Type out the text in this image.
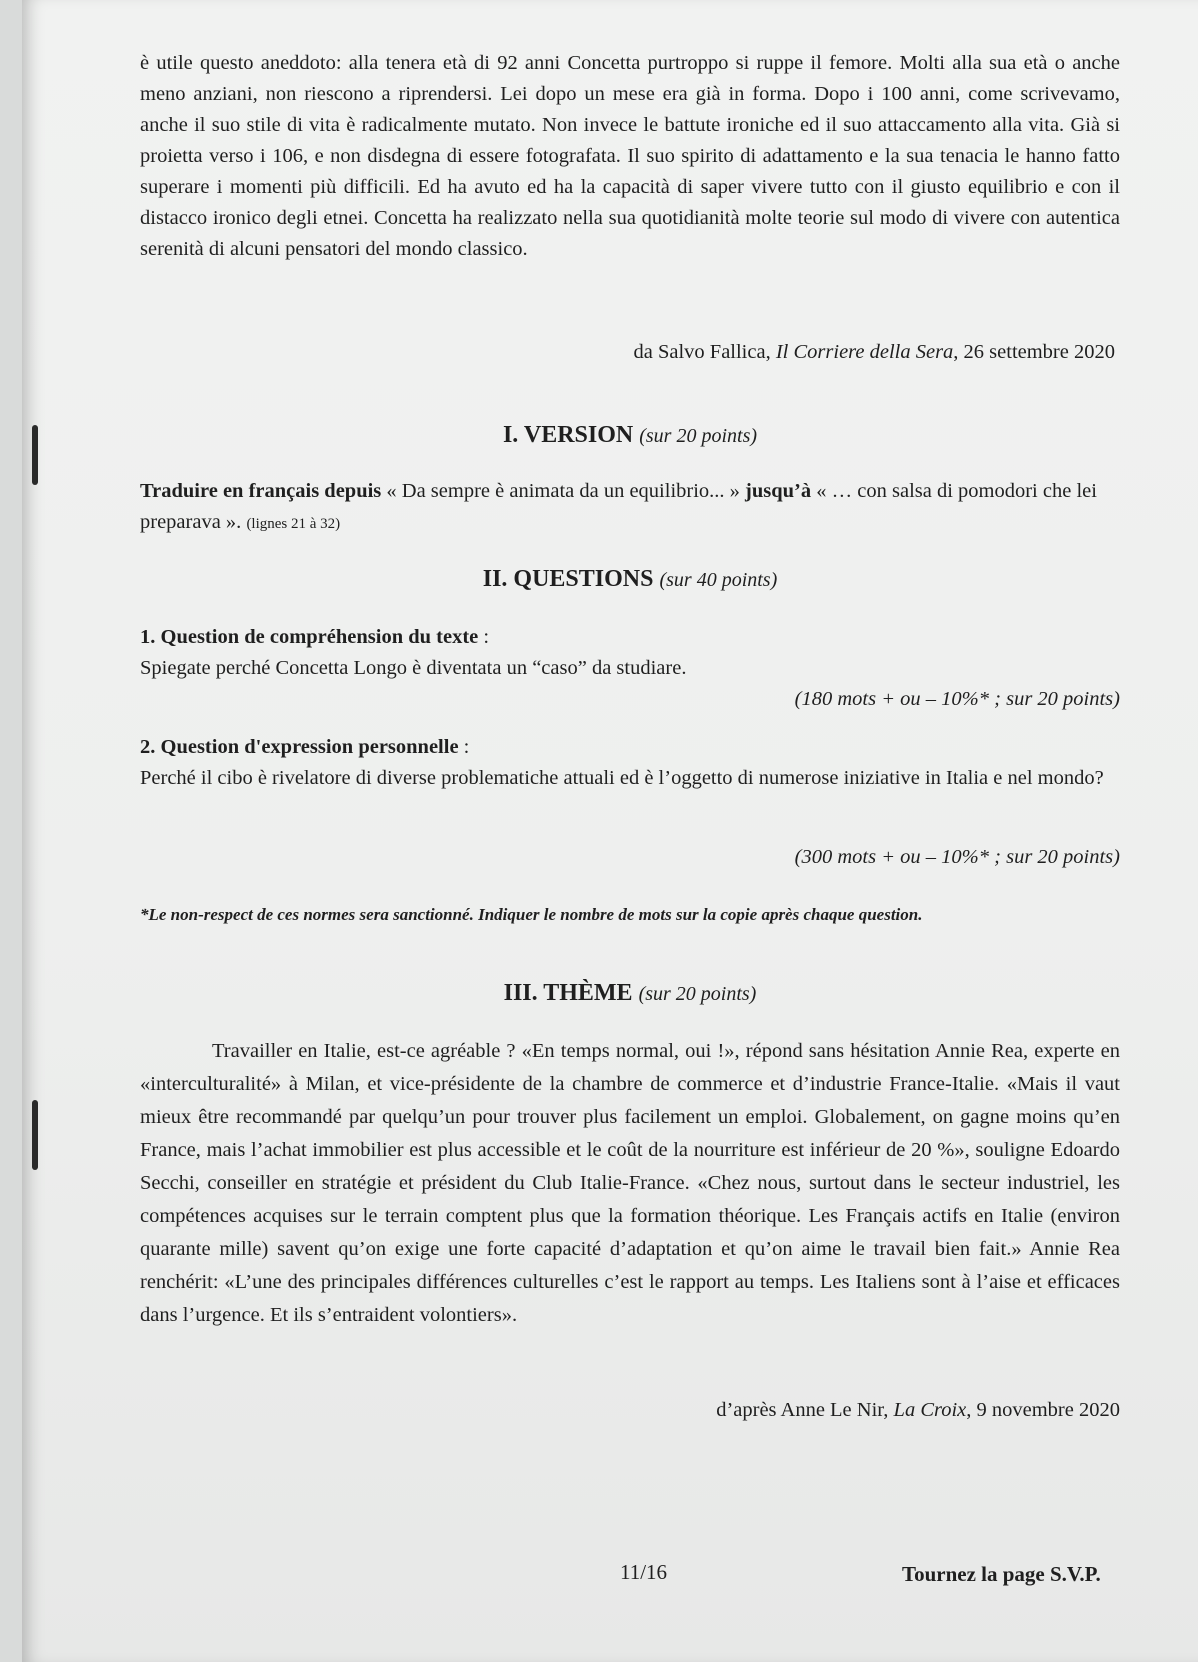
è utile questo aneddoto: alla tenera età di 92 anni Concetta purtroppo si ruppe il femore. Molti alla sua età o anche meno anziani, non riescono a riprendersi. Lei dopo un mese era già in forma. Dopo i 100 anni, come scrivevamo, anche il suo stile di vita è radicalmente mutato. Non invece le battute ironiche ed il suo attaccamento alla vita. Già si proietta verso i 106, e non disdegna di essere fotografata. Il suo spirito di adattamento e la sua tenacia le hanno fatto superare i momenti più difficili. Ed ha avuto ed ha la capacità di saper vivere tutto con il giusto equilibrio e con il distacco ironico degli etnei. Concetta ha realizzato nella sua quotidianità molte teorie sul modo di vivere con autentica serenità di alcuni pensatori del mondo classico.

da Salvo Fallica, Il Corriere della Sera, 26 settembre 2020
I. VERSION (sur 20 points)

Traduire en français depuis « Da sempre è animata da un equilibrio... » jusqu’à « … con salsa di pomodori che lei preparava ». (lignes 21 à 32)

II. QUESTIONS (sur 40 points)
1. Question de compréhension du texte :
Spiegate perché Concetta Longo è diventata un “caso” da studiare.
(180 mots + ou – 10%* ; sur 20 points)
2. Question d'expression personnelle :
Perché il cibo è rivelatore di diverse problematiche attuali ed è l’oggetto di numerose iniziative in Italia e nel mondo?
(300 mots + ou – 10%* ; sur 20 points)
*Le non-respect de ces normes sera sanctionné. Indiquer le nombre de mots sur la copie après chaque question.
III. THÈME (sur 20 points)

Travailler en Italie, est-ce agréable ? «En temps normal, oui !», répond sans hésitation Annie Rea, experte en «interculturalité» à Milan, et vice-présidente de la chambre de commerce et d’industrie France-Italie. «Mais il vaut mieux être recommandé par quelqu’un pour trouver plus facilement un emploi. Globalement, on gagne moins qu’en France, mais l’achat immobilier est plus accessible et le coût de la nourriture est inférieur de 20 %», souligne Edoardo Secchi, conseiller en stratégie et président du Club Italie-France. «Chez nous, surtout dans le secteur industriel, les compétences acquises sur le terrain comptent plus que la formation théorique. Les Français actifs en Italie (environ quarante mille) savent qu’on exige une forte capacité d’adaptation et qu’on aime le travail bien fait.» Annie Rea renchérit: «L’une des principales différences culturelles c’est le rapport au temps. Les Italiens sont à l’aise et efficaces dans l’urgence. Et ils s’entraident volontiers».

d’après Anne Le Nir, La Croix, 9 novembre 2020
11/16	Tournez la page S.V.P.
